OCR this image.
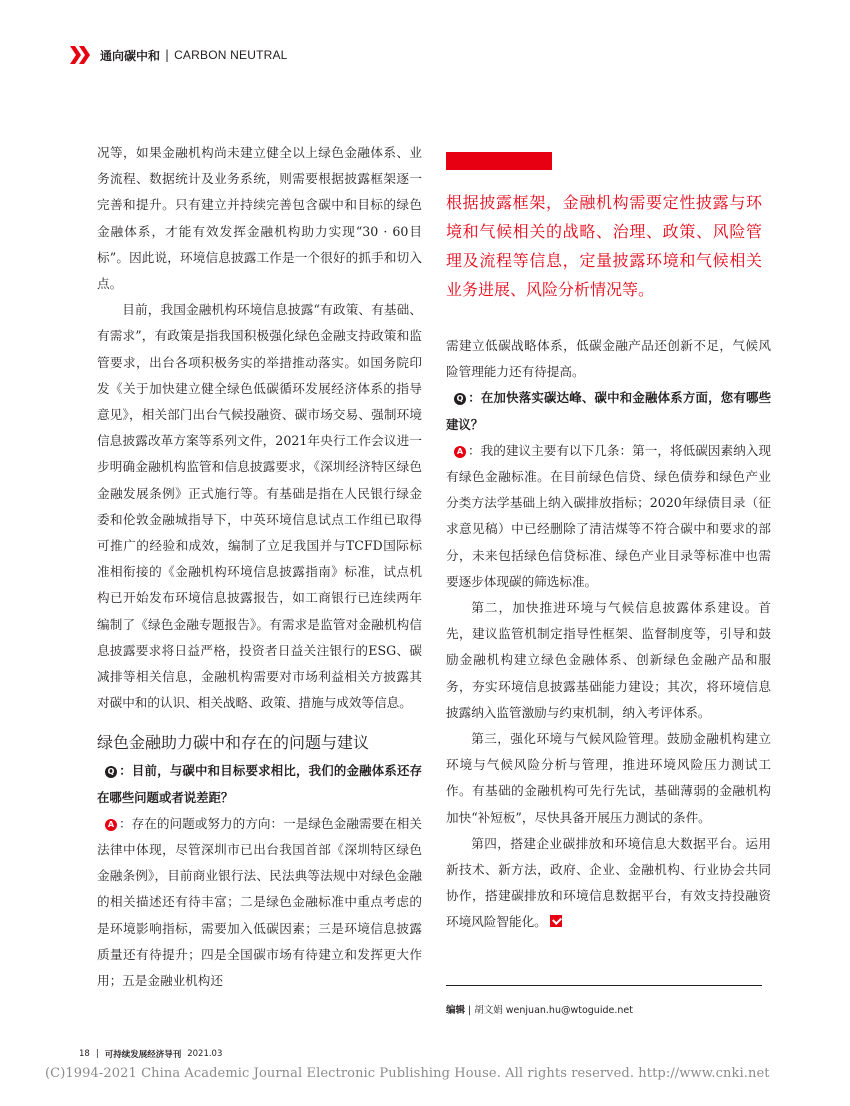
通向碳中和 | CARBON NEUTRAL

况等，如果金融机构尚未建立健全以上绿色金融体系、业务流程、数据统计及业务系统，则需要根据披露框架逐一完善和提升。只有建立并持续完善包含碳中和目标的绿色金融体系，才能有效发挥金融机构助力实现“30 · 60目标”。因此说，环境信息披露工作是一个很好的抓手和切入点。

目前，我国金融机构环境信息披露“有政策、有基础、有需求”，有政策是指我国积极强化绿色金融支持政策和监管要求，出台各项积极务实的举措推动落实。如国务院印发《关于加快建立健全绿色低碳循环发展经济体系的指导意见》，相关部门出台气候投融资、碳市场交易、强制环境信息披露改革方案等系列文件，2021年央行工作会议进一步明确金融机构监管和信息披露要求，《深圳经济特区绿色金融发展条例》正式施行等。有基础是指在人民银行绿金委和伦敦金融城指导下，中英环境信息试点工作组已取得可推广的经验和成效，编制了立足我国并与TCFD国际标准相衔接的《金融机构环境信息披露指南》标准，试点机构已开始发布环境信息披露报告，如工商银行已连续两年编制了《绿色金融专题报告》。有需求是监管对金融机构信息披露要求将日益严格，投资者日益关注银行的ESG、碳减排等相关信息，金融机构需要对市场利益相关方披露其对碳中和的认识、相关战略、政策、措施与成效等信息。

绿色金融助力碳中和存在的问题与建议

Q ：目前，与碳中和目标要求相比，我们的金融体系还存在哪些问题或者说差距？

A ：存在的问题或努力的方向：一是绿色金融需要在相关法律中体现，尽管深圳市已出台我国首部《深圳特区绿色金融条例》，目前商业银行法、民法典等法规中对绿色金融的相关描述还有待丰富；二是绿色金融标准中重点考虑的是环境影响指标，需要加入低碳因素；三是环境信息披露质量还有待提升；四是全国碳市场有待建立和发挥更大作用；五是金融业机构还

根据披露框架，金融机构需要定性披露与环境和气候相关的战略、治理、政策、风险管理及流程等信息，定量披露环境和气候相关业务进展、风险分析情况等。

需建立低碳战略体系，低碳金融产品还创新不足，气候风险管理能力还有待提高。

Q ：在加快落实碳达峰、碳中和金融体系方面，您有哪些建议？

A ：我的建议主要有以下几条：第一，将低碳因素纳入现有绿色金融标准。在目前绿色信贷、绿色债券和绿色产业分类方法学基础上纳入碳排放指标；2020年绿债目录（征求意见稿）中已经删除了清洁煤等不符合碳中和要求的部分，未来包括绿色信贷标准、绿色产业目录等标准中也需要逐步体现碳的筛选标准。

第二，加快推进环境与气候信息披露体系建设。首先，建议监管机制定指导性框架、监督制度等，引导和鼓励金融机构建立绿色金融体系、创新绿色金融产品和服务，夯实环境信息披露基础能力建设；其次，将环境信息披露纳入监管激励与约束机制，纳入考评体系。

第三，强化环境与气候风险管理。鼓励金融机构建立环境与气候风险分析与管理，推进环境风险压力测试工作。有基础的金融机构可先行先试，基础薄弱的金融机构加快“补短板”，尽快具备开展压力测试的条件。

第四，搭建企业碳排放和环境信息大数据平台。运用新技术、新方法，政府、企业、金融机构、行业协会共同协作，搭建碳排放和环境信息数据平台，有效支持投融资环境风险智能化。

编辑 | 胡文娟 wenjuan.hu@wtoguide.net
18 | 可持续发展经济导刊 2021.03
(C)1994-2021 China Academic Journal Electronic Publishing House. All rights reserved. http://www.cnki.net
